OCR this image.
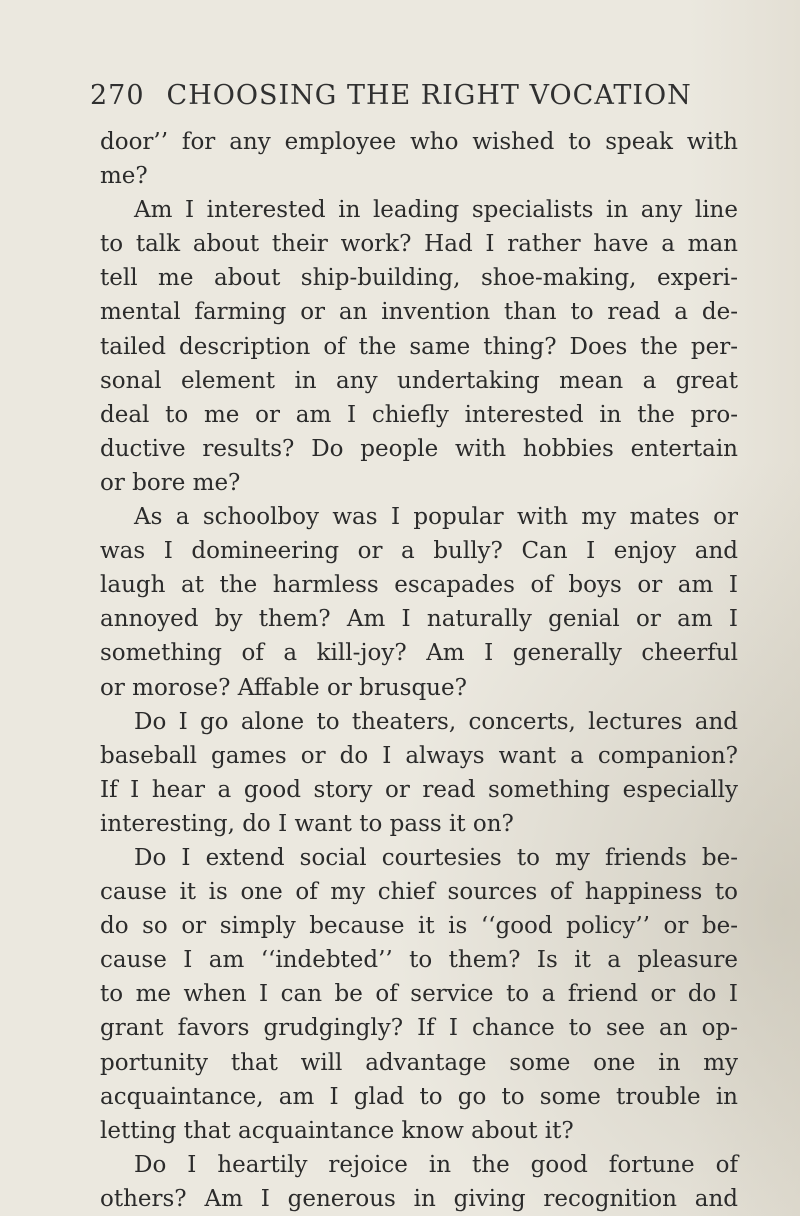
270 CHOOSING THE RIGHT VOCATION
door’’ for any employee who wished to speak with
me?
Am I interested in leading specialists in any line
to talk about their work? Had I rather have a man
tell me about ship-building, shoe-making, experi-
mental farming or an invention than to read a de-
tailed description of the same thing? Does the per-
sonal element in any undertaking mean a great
deal to me or am I chiefly interested in the pro-
ductive results? Do people with hobbies entertain
or bore me?
As a schoolboy was I popular with my mates or
was I domineering or a bully? Can I enjoy and
laugh at the harmless escapades of boys or am I
annoyed by them? Am I naturally genial or am I
something of a kill-joy? Am I generally cheerful
or morose? Affable or brusque?
Do I go alone to theaters, concerts, lectures and
baseball games or do I always want a companion?
If I hear a good story or read something especially
interesting, do I want to pass it on?
Do I extend social courtesies to my friends be-
cause it is one of my chief sources of happiness to
do so or simply because it is ‘‘good policy’’ or be-
cause I am ‘‘indebted’’ to them? Is it a pleasure
to me when I can be of service to a friend or do I
grant favors grudgingly? If I chance to see an op-
portunity that will advantage some one in my
acquaintance, am I glad to go to some trouble in
letting that acquaintance know about it?
Do I heartily rejoice in the good fortune of
others? Am I generous in giving recognition and
